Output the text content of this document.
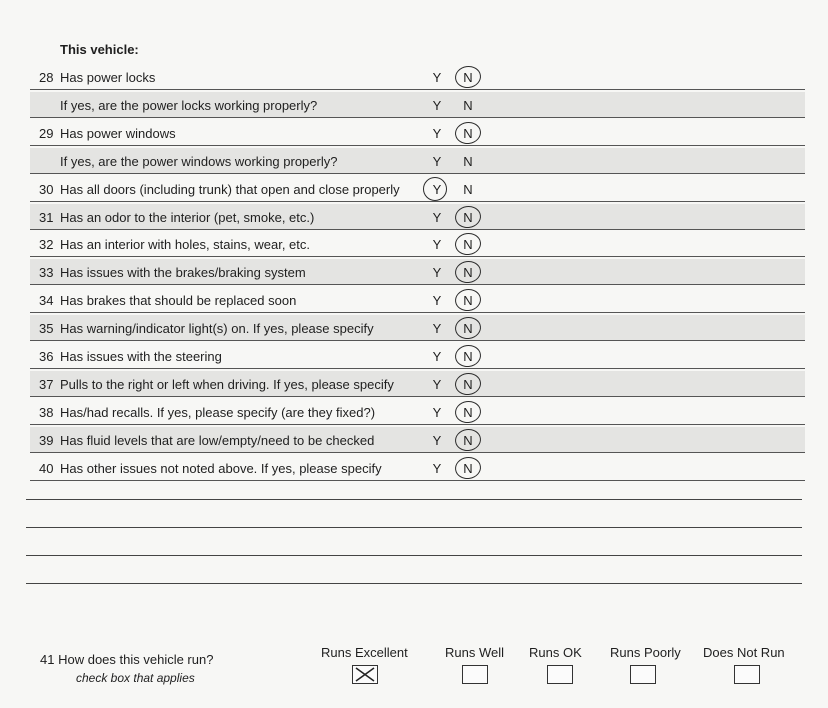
This vehicle:
28 Has power locks	Y N
If yes, are the power locks working properly?	Y N
29 Has power windows	Y N
If yes, are the power windows working properly?	Y N
30 Has all doors (including trunk) that open and close properly	Y N
31 Has an odor to the interior (pet, smoke, etc.)	Y N
32 Has an interior with holes, stains, wear, etc.	Y N
33 Has issues with the brakes/braking system	Y N
34 Has brakes that should be replaced soon	Y N
35 Has warning/indicator light(s) on. If yes, please specify	Y N
36 Has issues with the steering	Y N
37 Pulls to the right or left when driving. If yes, please specify	Y N
38 Has/had recalls. If yes, please specify (are they fixed?)	Y N
39 Has fluid levels that are low/empty/need to be checked	Y N
40 Has other issues not noted above. If yes, please specify	Y N
41 How does this vehicle run?
check box that applies
Runs Excellent	Runs Well Runs OK Runs Poorly Does Not Run
